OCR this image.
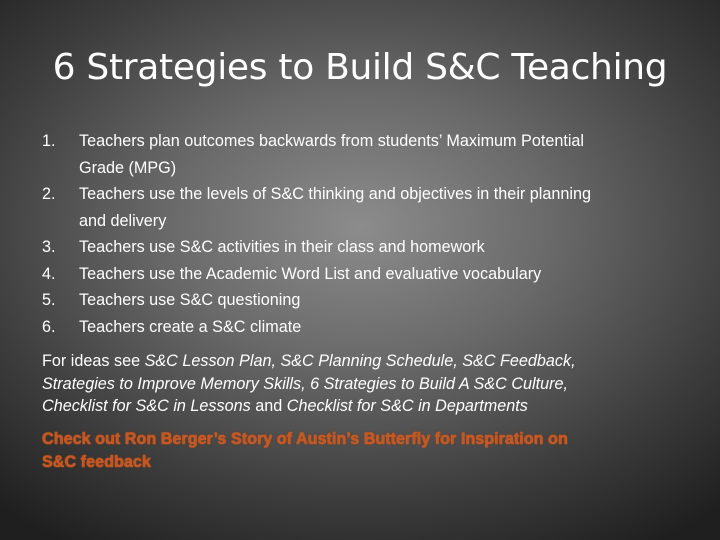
6 Strategies to Build S&C Teaching
1.	Teachers plan outcomes backwards from students’ Maximum Potential
Grade (MPG)
2.	Teachers use the levels of S&C thinking and objectives in their planning
and delivery
3.	Teachers use S&C activities in their class and homework
4.	Teachers use the Academic Word List and evaluative vocabulary
5.	Teachers use S&C questioning
6.	Teachers create a S&C climate
For ideas see S&C Lesson Plan, S&C Planning Schedule, S&C Feedback,
Strategies to Improve Memory Skills, 6 Strategies to Build A S&C Culture,
Checklist for S&C in Lessons and Checklist for S&C in Departments
Check out Ron Berger’s Story of Austin’s Butterfly for Inspiration on
S&C feedback
